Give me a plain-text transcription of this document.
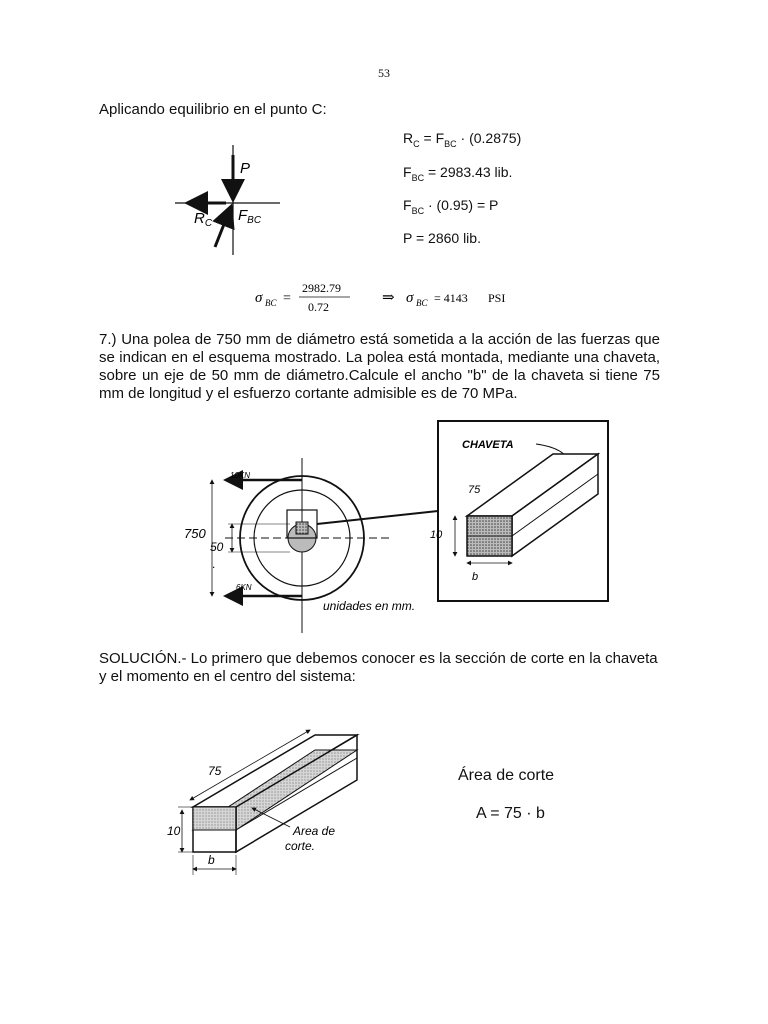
53
Aplicando equilibrio en el punto C:
P
$R_C$ $F_{BC}$
$R_C = F_{BC} \cdot (0.2875)$
$F_{BC} = 2983.43$ lib.
$F_{BC} \cdot (0.95) = P$
P = 2860 lib.
σ BC =
2982.79
0.72
⇒ σ BC = 4143 PSI
7.) Una polea de 750 mm de diámetro está sometida a la acción de las fuerzas que se indican en el esquema mostrado. La polea está montada, mediante una chaveta, sobre un eje de 50 mm de diámetro.Calcule el ancho "b" de la chaveta si tiene 75 mm de longitud y el esfuerzo cortante admisible es de 70 MPa.
10KN
6KN
750
50
.
unidades en mm.
CHAVETA
75
10
b
SOLUCIÓN.- Lo primero que debemos conocer es la sección de corte en la chaveta y el momento en el centro del sistema:
75
10
b
Area de
corte.
Área de corte
A = 75 · b
